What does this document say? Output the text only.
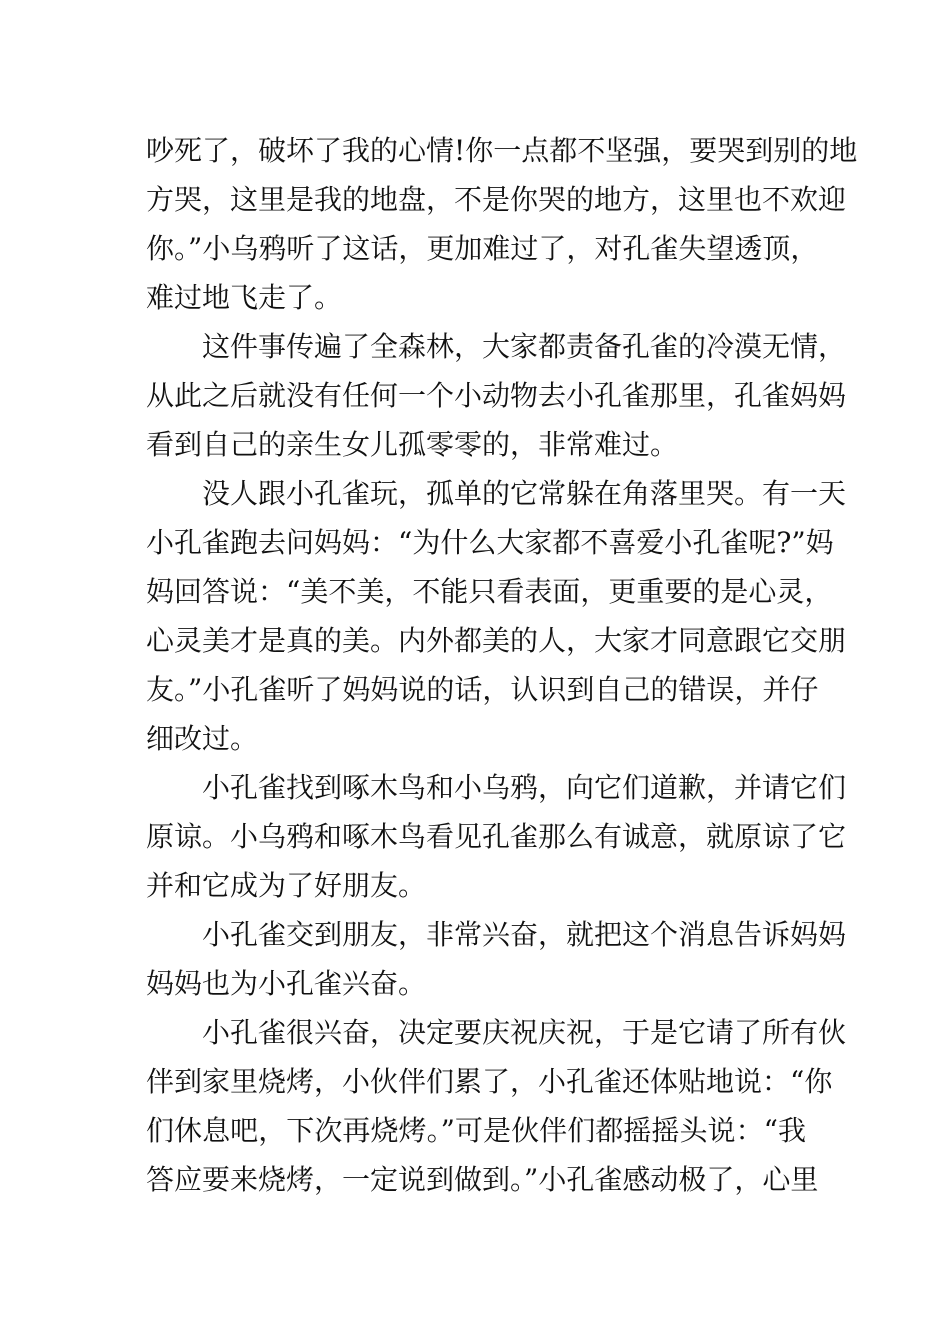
吵死了，破坏了我的心情!你一点都不坚强，要哭到别的地
方哭，这里是我的地盘，不是你哭的地方，这里也不欢迎
你。”小乌鸦听了这话，更加难过了，对孔雀失望透顶，
难过地飞走了。
这件事传遍了全森林，大家都责备孔雀的冷漠无情，
从此之后就没有任何一个小动物去小孔雀那里，孔雀妈妈
看到自己的亲生女儿孤零零的，非常难过。
没人跟小孔雀玩，孤单的它常躲在角落里哭。有一天
小孔雀跑去问妈妈：“为什么大家都不喜爱小孔雀呢?”妈
妈回答说：“美不美，不能只看表面，更重要的是心灵，
心灵美才是真的美。内外都美的人，大家才同意跟它交朋
友。”小孔雀听了妈妈说的话，认识到自己的错误，并仔
细改过。
小孔雀找到啄木鸟和小乌鸦，向它们道歉，并请它们
原谅。小乌鸦和啄木鸟看见孔雀那么有诚意，就原谅了它
并和它成为了好朋友。
小孔雀交到朋友，非常兴奋，就把这个消息告诉妈妈
妈妈也为小孔雀兴奋。
小孔雀很兴奋，决定要庆祝庆祝，于是它请了所有伙
伴到家里烧烤，小伙伴们累了，小孔雀还体贴地说：“你
们休息吧，下次再烧烤。”可是伙伴们都摇摇头说：“我
答应要来烧烤，一定说到做到。”小孔雀感动极了，心里
